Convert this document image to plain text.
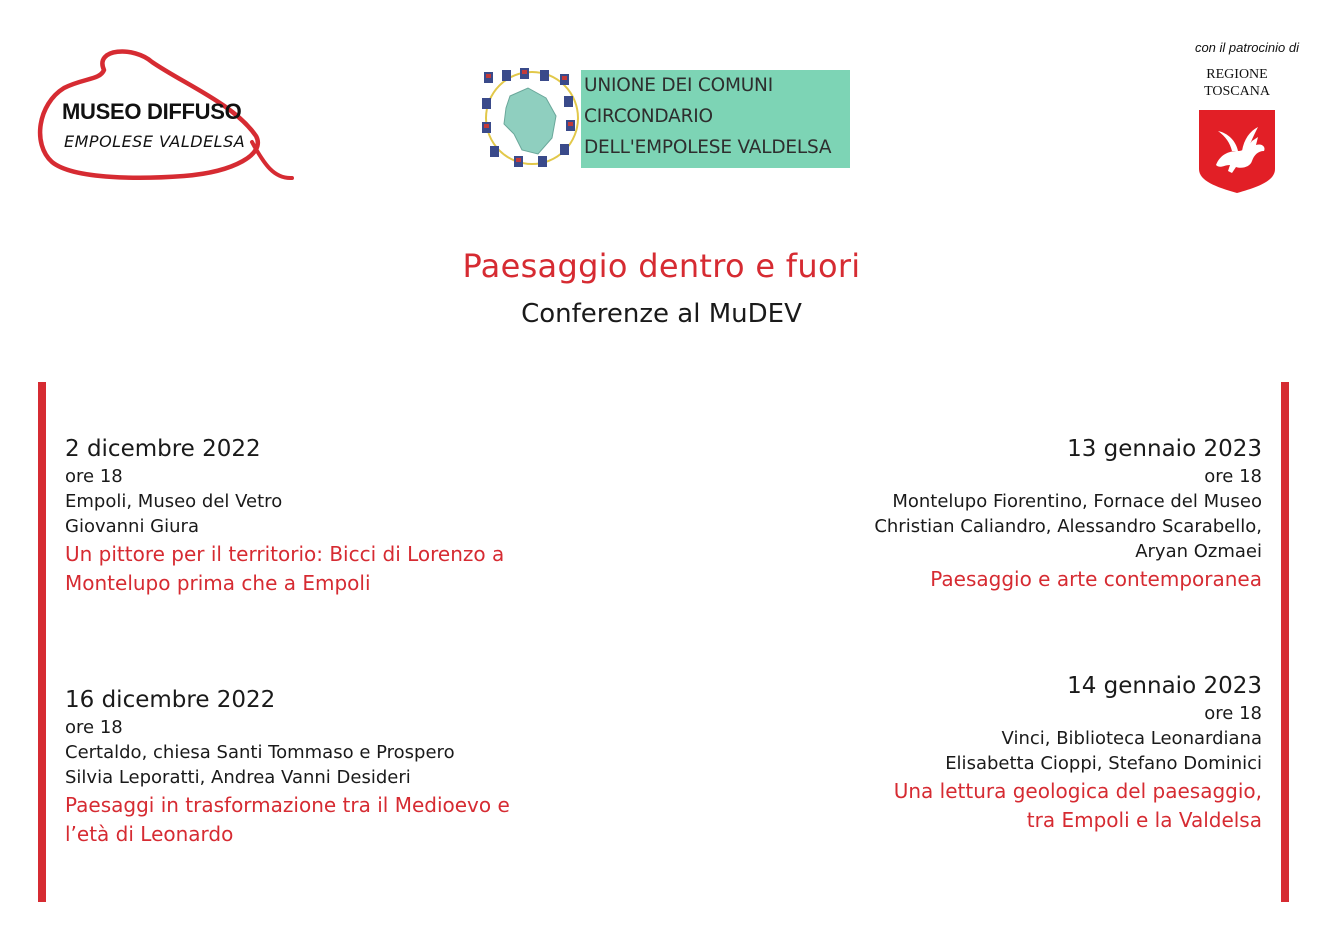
MUSEO DIFFUSO
EMPOLESE VALDELSA
UNIONE DEI COMUNI
CIRCONDARIO
DELL'EMPOLESE VALDELSA
con il patrocinio di
REGIONE
TOSCANA
Paesaggio dentro e fuori
Conferenze al MuDEV
2 dicembre 2022
ore 18
Empoli, Museo del Vetro
Giovanni Giura
Un pittore per il territorio: Bicci di Lorenzo a
Montelupo prima che a Empoli
13 gennaio 2023
ore 18
Montelupo Fiorentino, Fornace del Museo
Christian Caliandro, Alessandro Scarabello,
Aryan Ozmaei
Paesaggio e arte contemporanea
16 dicembre 2022
ore 18
Certaldo, chiesa Santi Tommaso e Prospero
Silvia Leporatti, Andrea Vanni Desideri
Paesaggi in trasformazione tra il Medioevo e
l’età di Leonardo
14 gennaio 2023
ore 18
Vinci, Biblioteca Leonardiana
Elisabetta Cioppi, Stefano Dominici
Una lettura geologica del paesaggio,
tra Empoli e la Valdelsa
